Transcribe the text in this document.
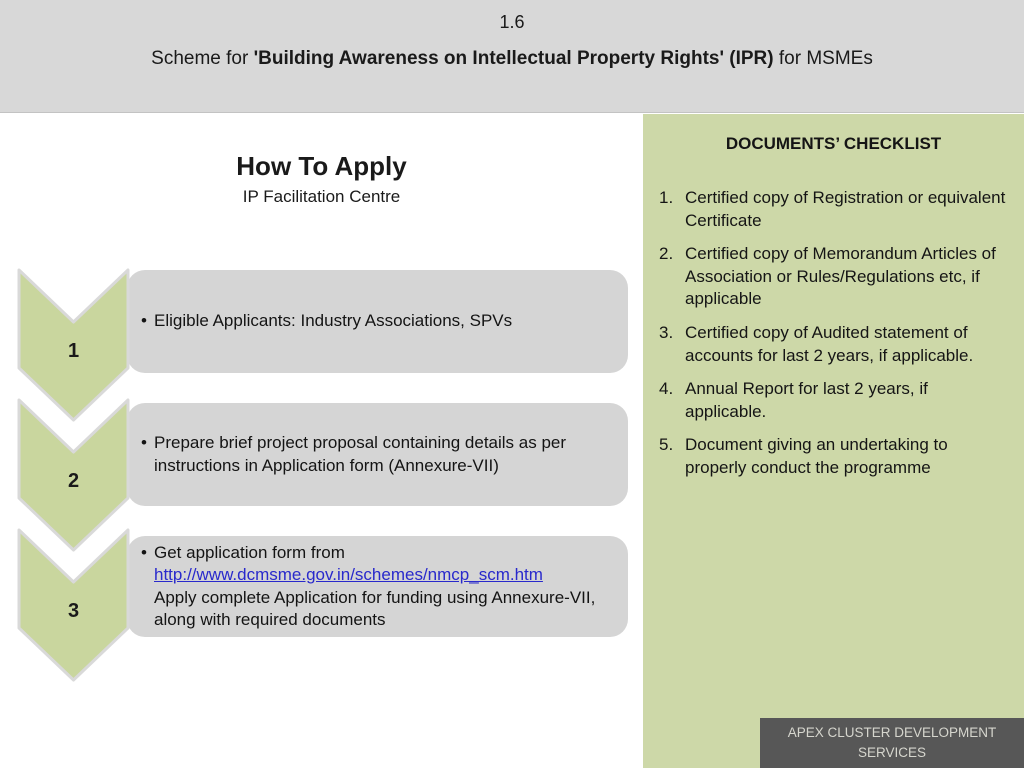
1.6
Scheme for 'Building Awareness on Intellectual Property Rights' (IPR) for MSMEs
How To Apply
IP Facilitation Centre
1
• Eligible Applicants: Industry Associations, SPVs
2
• Prepare brief project proposal containing details as per instructions in Application form (Annexure-VII)
3
• Get application form from
http://www.dcmsme.gov.in/schemes/nmcp_scm.htm
Apply complete Application for funding using Annexure-VII, along with required documents
DOCUMENTS’ CHECKLIST
1. Certified copy of Registration or equivalent Certificate
2. Certified copy of Memorandum Articles of Association or Rules/Regulations etc, if applicable
3. Certified copy of Audited statement of accounts for last 2 years, if applicable.
4. Annual Report for last 2 years, if applicable.
5. Document giving an undertaking to properly conduct the programme
APEX CLUSTER DEVELOPMENT SERVICES
